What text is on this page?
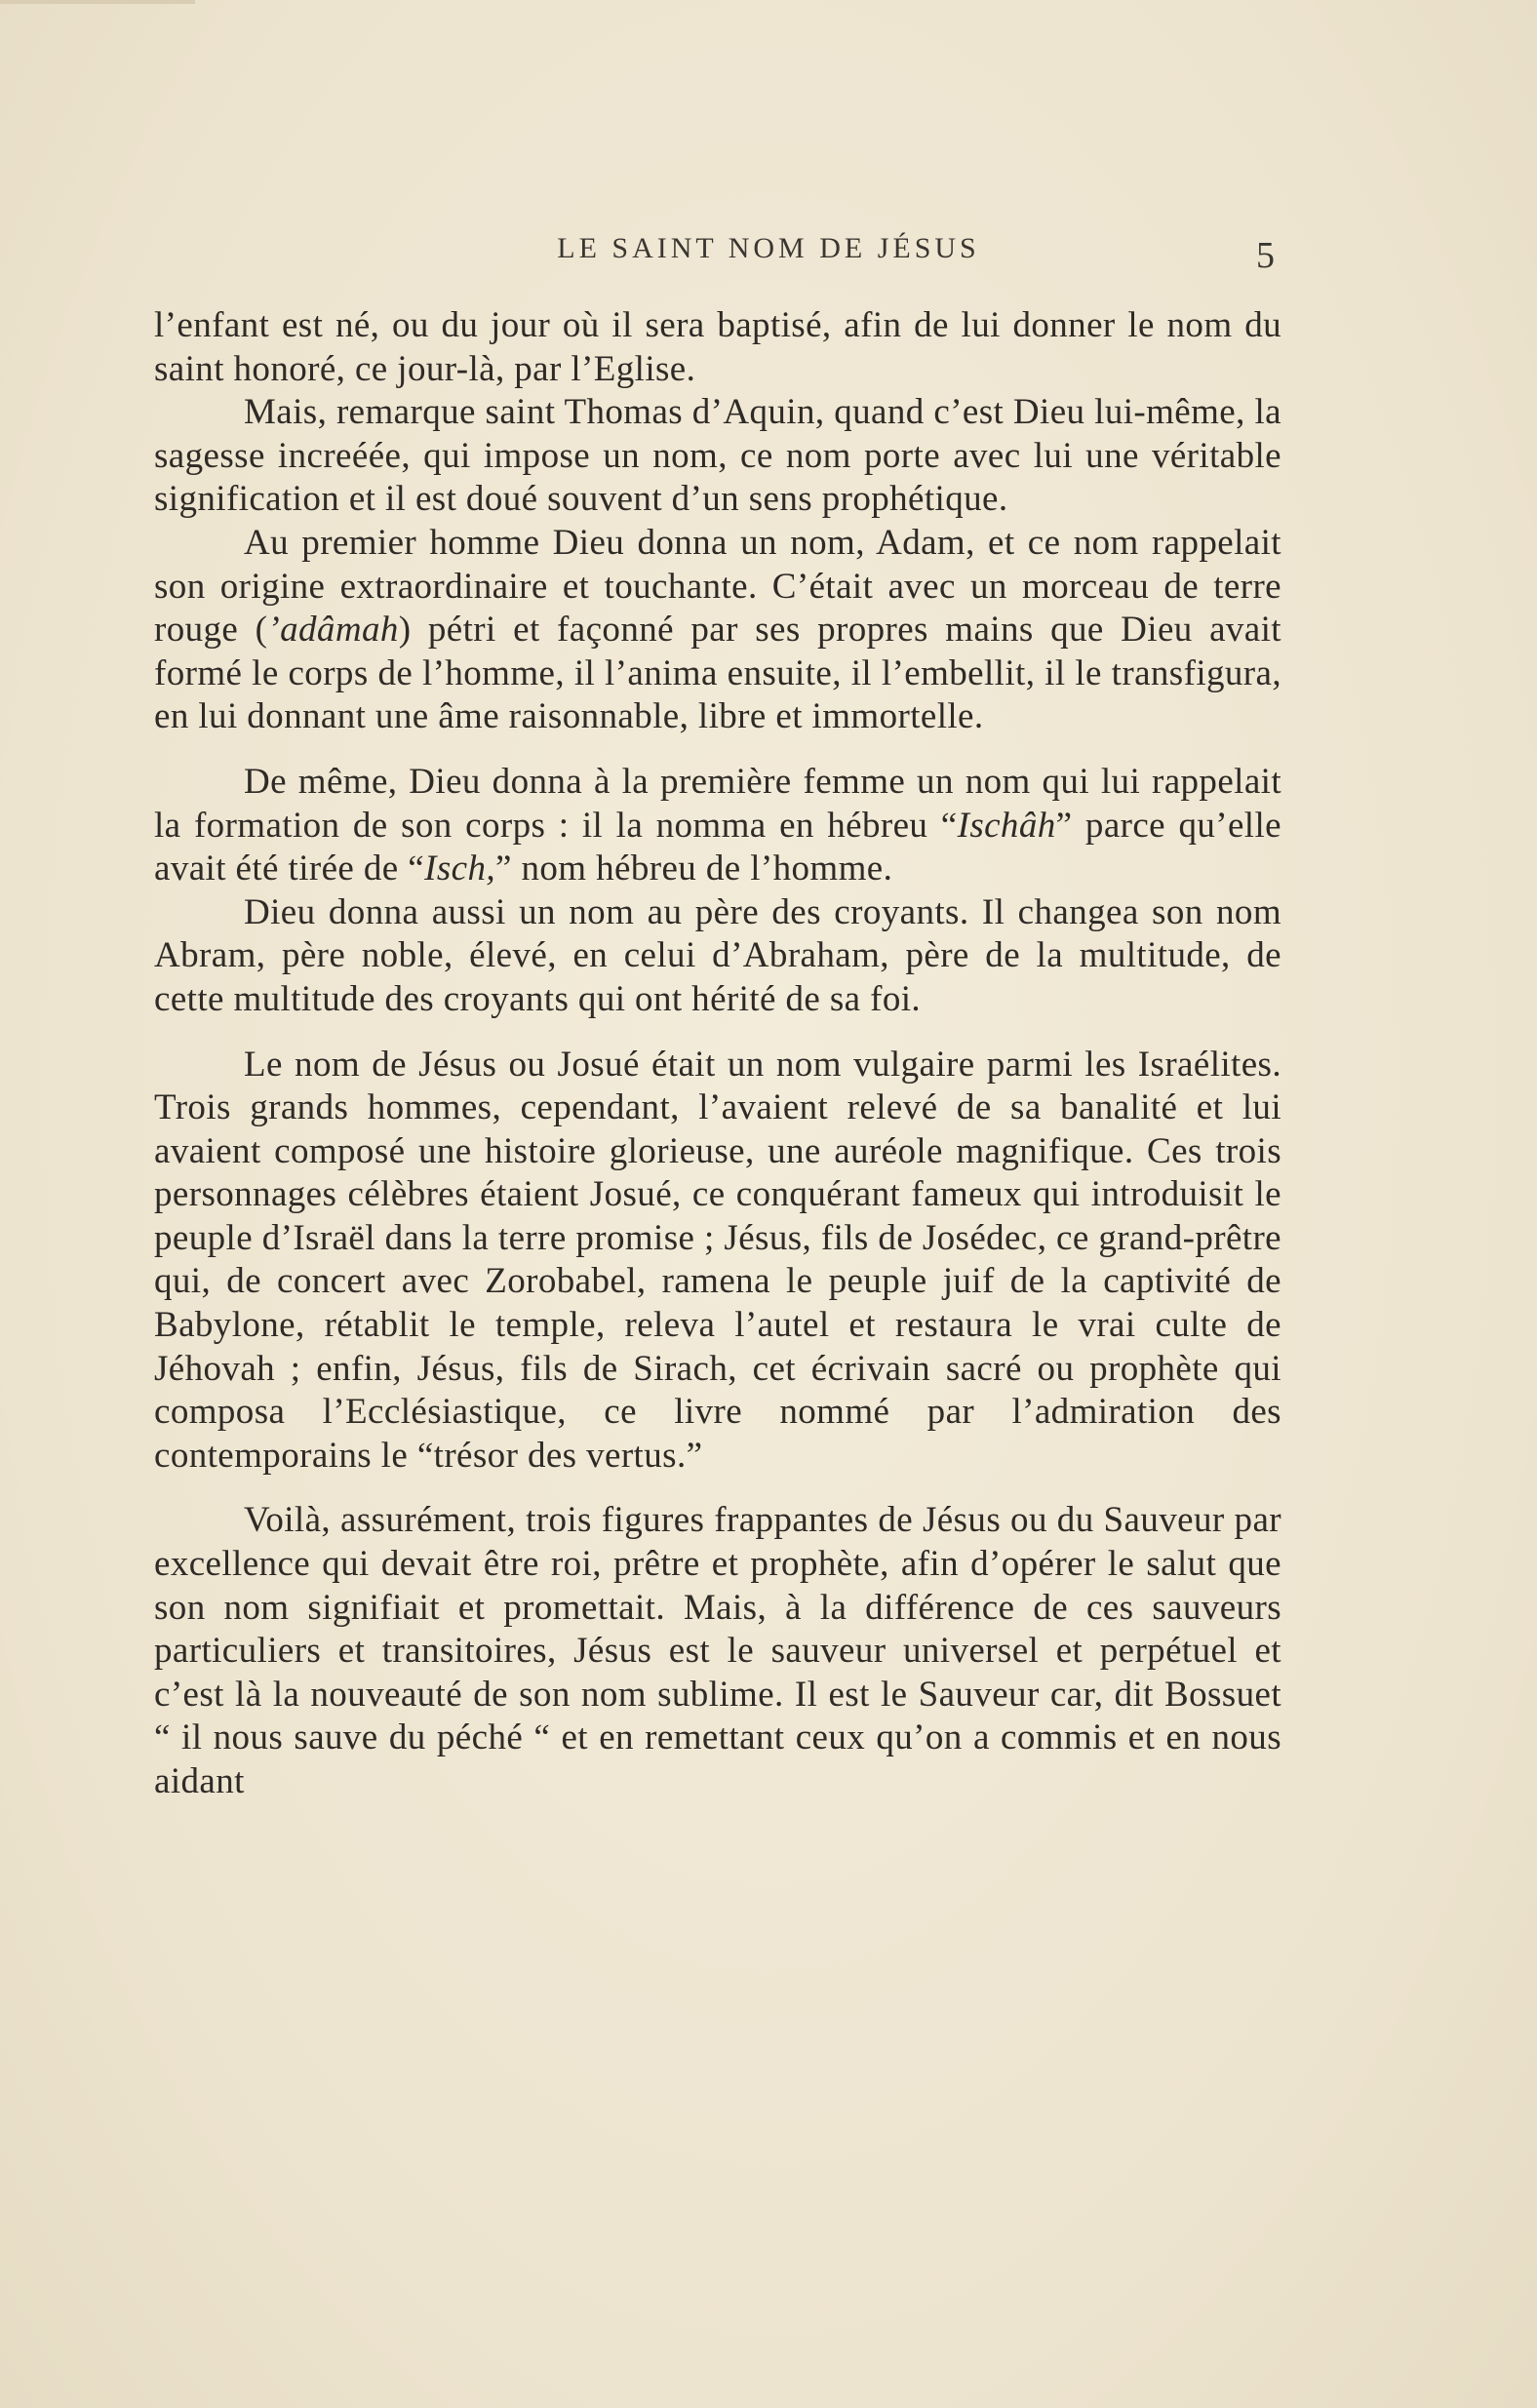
LE SAINT NOM DE JÉSUS	5

l’enfant est né, ou du jour où il sera baptisé, afin de lui donner le nom du saint honoré, ce jour-là, par l’Eglise.

Mais, remarque saint Thomas d’Aquin, quand c’est Dieu lui-même, la sagesse increéée, qui impose un nom, ce nom porte avec lui une véritable signification et il est doué souvent d’un sens prophétique.

Au premier homme Dieu donna un nom, Adam, et ce nom rappelait son origine extraordinaire et touchante. C’était avec un morceau de terre rouge (’adâmah) pétri et façonné par ses propres mains que Dieu avait formé le corps de l’homme, il l’anima ensuite, il l’embellit, il le transfigura, en lui donnant une âme raisonnable, libre et immortelle.

De même, Dieu donna à la première femme un nom qui lui rappelait la formation de son corps : il la nomma en hébreu “Ischâh” parce qu’elle avait été tirée de “Isch,” nom hébreu de l’homme.

Dieu donna aussi un nom au père des croyants. Il changea son nom Abram, père noble, élevé, en celui d’Abraham, père de la multitude, de cette multitude des croyants qui ont hérité de sa foi.

Le nom de Jésus ou Josué était un nom vulgaire parmi les Israélites. Trois grands hommes, cependant, l’avaient relevé de sa banalité et lui avaient composé une histoire glorieuse, une auréole magnifique. Ces trois personnages célèbres étaient Josué, ce conquérant fameux qui introduisit le peuple d’Israël dans la terre promise ; Jésus, fils de Josédec, ce grand-prêtre qui, de concert avec Zorobabel, ramena le peuple juif de la captivité de Babylone, rétablit le temple, releva l’autel et restaura le vrai culte de Jéhovah ; enfin, Jésus, fils de Sirach, cet écrivain sacré ou prophète qui composa l’Ecclésiastique, ce livre nommé par l’admiration des contemporains le “trésor des vertus.”

Voilà, assurément, trois figures frappantes de Jésus ou du Sauveur par excellence qui devait être roi, prêtre et prophète, afin d’opérer le salut que son nom signifiait et promettait. Mais, à la différence de ces sauveurs particuliers et transitoires, Jésus est le sauveur universel et perpétuel et c’est là la nouveauté de son nom sublime. Il est le Sauveur car, dit Bossuet “ il nous sauve du péché “ et en remettant ceux qu’on a commis et en nous aidant
